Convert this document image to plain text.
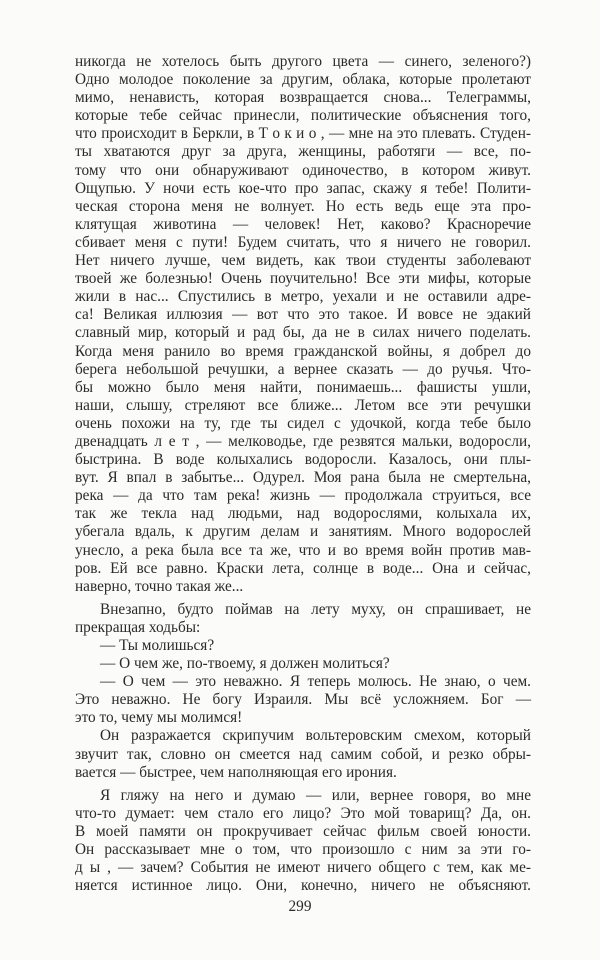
никогда не хотелось быть другого цвета — синего, зеленого?)
Одно молодое поколение за другим, облака, которые пролетают
мимо, ненависть, которая возвращается снова... Телеграммы,
которые тебе сейчас принесли, политические объяснения того,
что происходит в Беркли, в Т о к и о , — мне на это плевать. Студен-
ты хватаются друг за друга, женщины, работяги — все, по-
тому что они обнаруживают одиночество, в котором живут.
Ощупью. У ночи есть кое-что про запас, скажу я тебе! Полити-
ческая сторона меня не волнует. Но есть ведь еще эта про-
клятущая животина — человек! Нет, каково? Красноречие
сбивает меня с пути! Будем считать, что я ничего не говорил.
Нет ничего лучше, чем видеть, как твои студенты заболевают
твоей же болезнью! Очень поучительно! Все эти мифы, которые
жили в нас... Спустились в метро, уехали и не оставили адре-
са! Великая иллюзия — вот что это такое. И вовсе не эдакий
славный мир, который и рад бы, да не в силах ничего поделать.
Когда меня ранило во время гражданской войны, я добрел до
берега небольшой речушки, а вернее сказать — до ручья. Что-
бы можно было меня найти, понимаешь... фашисты ушли,
наши, слышу, стреляют все ближе... Летом все эти речушки
очень похожи на ту, где ты сидел с удочкой, когда тебе было
двенадцать л е т , — мелководье, где резвятся мальки, водоросли,
быстрина. В воде колыхались водоросли. Казалось, они плы-
вут. Я впал в забытье... Одурел. Моя рана была не смертельна,
река — да что там река! жизнь — продолжала струиться, все
так же текла над людьми, над водорослями, колыхала их,
убегала вдаль, к другим делам и занятиям. Много водорослей
унесло, а река была все та же, что и во время войн против мав-
ров. Ей все равно. Краски лета, солнце в воде... Она и сейчас,
наверно, точно такая же...
Внезапно, будто поймав на лету муху, он спрашивает, не
прекращая ходьбы:
— Ты молишься?
— О чем же, по-твоему, я должен молиться?
— О чем — это неважно. Я теперь молюсь. Не знаю, о чем.
Это неважно. Не богу Израиля. Мы всё усложняем. Бог —
это то, чему мы молимся!
Он разражается скрипучим вольтеровским смехом, который
звучит так, словно он смеется над самим собой, и резко обры-
вается — быстрее, чем наполняющая его ирония.
Я гляжу на него и думаю — или, вернее говоря, во мне
что-то думает: чем стало его лицо? Это мой товарищ? Да, он.
В моей памяти он прокручивает сейчас фильм своей юности.
Он рассказывает мне о том, что произошло с ним за эти го-
д ы , — зачем? События не имеют ничего общего с тем, как ме-
няется истинное лицо. Они, конечно, ничего не объясняют.
299
